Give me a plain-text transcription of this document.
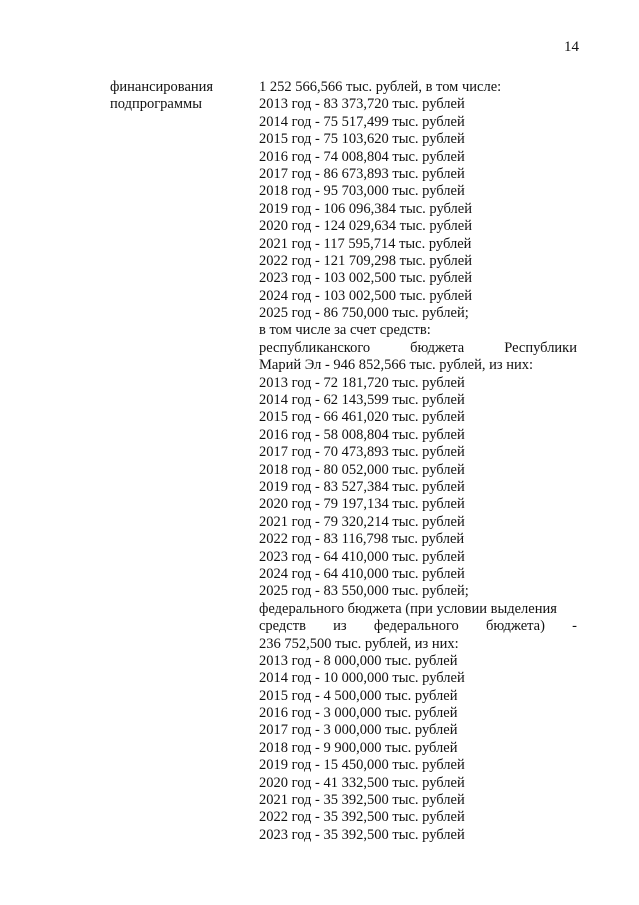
14
финансирования
подпрограммы
1 252 566,566 тыс. рублей, в том числе:
2013 год - 83 373,720 тыс. рублей
2014 год - 75 517,499 тыс. рублей
2015 год - 75 103,620 тыс. рублей
2016 год - 74 008,804 тыс. рублей
2017 год - 86 673,893 тыс. рублей
2018 год - 95 703,000 тыс. рублей
2019 год - 106 096,384 тыс. рублей
2020 год - 124 029,634 тыс. рублей
2021 год - 117 595,714 тыс. рублей
2022 год - 121 709,298 тыс. рублей
2023 год - 103 002,500 тыс. рублей
2024 год - 103 002,500 тыс. рублей
2025 год - 86 750,000 тыс. рублей;
в том числе за счет средств:
республиканского	бюджета	Республики
Марий Эл - 946 852,566 тыс. рублей, из них:
2013 год - 72 181,720 тыс. рублей
2014 год - 62 143,599 тыс. рублей
2015 год - 66 461,020 тыс. рублей
2016 год - 58 008,804 тыс. рублей
2017 год - 70 473,893 тыс. рублей
2018 год - 80 052,000 тыс. рублей
2019 год - 83 527,384 тыс. рублей
2020 год - 79 197,134 тыс. рублей
2021 год - 79 320,214 тыс. рублей
2022 год - 83 116,798 тыс. рублей
2023 год - 64 410,000 тыс. рублей
2024 год - 64 410,000 тыс. рублей
2025 год - 83 550,000 тыс. рублей;
федерального бюджета (при условии выделения
средств из федерального бюджета) -
236 752,500 тыс. рублей, из них:
2013 год - 8 000,000 тыс. рублей
2014 год - 10 000,000 тыс. рублей
2015 год - 4 500,000 тыс. рублей
2016 год - 3 000,000 тыс. рублей
2017 год - 3 000,000 тыс. рублей
2018 год - 9 900,000 тыс. рублей
2019 год - 15 450,000 тыс. рублей
2020 год - 41 332,500 тыс. рублей
2021 год - 35 392,500 тыс. рублей
2022 год - 35 392,500 тыс. рублей
2023 год - 35 392,500 тыс. рублей
